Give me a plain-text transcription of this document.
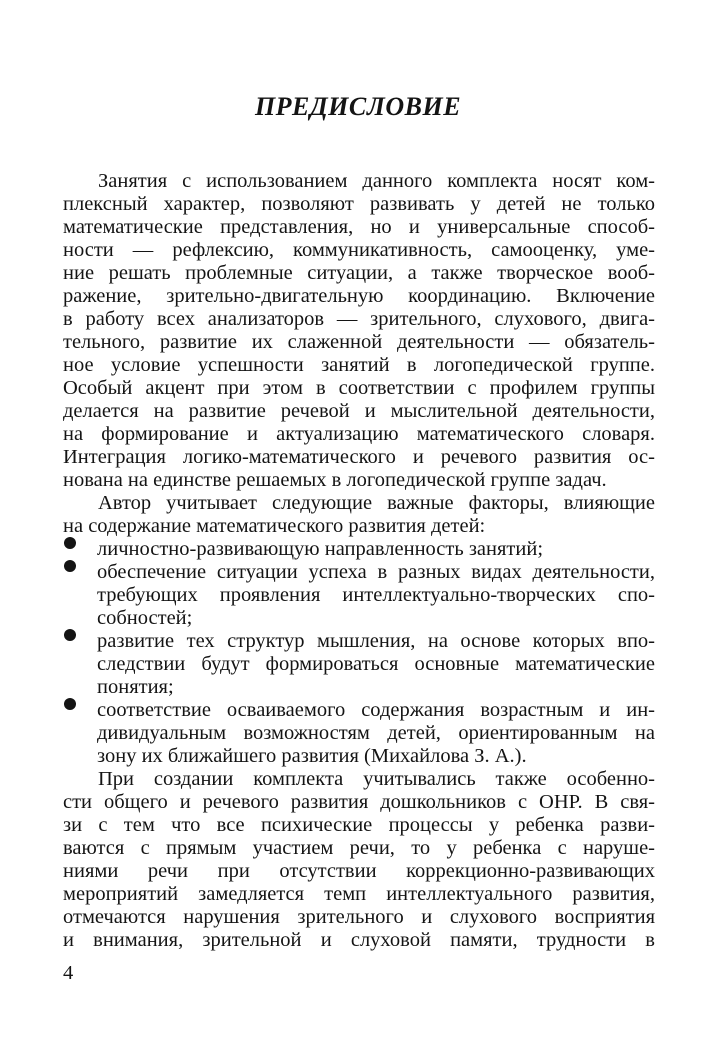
ПРЕДИСЛОВИЕ
Занятия с использованием данного комплекта носят ком-
плексный характер, позволяют развивать у детей не только
математические представления, но и универсальные способ-
ности — рефлексию, коммуникативность, самооценку, уме-
ние решать проблемные ситуации, а также творческое вооб-
ражение, зрительно-двигательную координацию. Включение
в работу всех анализаторов — зрительного, слухового, двига-
тельного, развитие их слаженной деятельности — обязатель-
ное условие успешности занятий в логопедической группе.
Особый акцент при этом в соответствии с профилем группы
делается на развитие речевой и мыслительной деятельности,
на формирование и актуализацию математического словаря.
Интеграция логико-математического и речевого развития ос-
нована на единстве решаемых в логопедической группе задач.
Автор учитывает следующие важные факторы, влияющие
на содержание математического развития детей:
личностно-развивающую направленность занятий;
обеспечение ситуации успеха в разных видах деятельности,
требующих проявления интеллектуально-творческих спо-
собностей;
развитие тех структур мышления, на основе которых впо-
следствии будут формироваться основные математические
понятия;
соответствие осваиваемого содержания возрастным и ин-
дивидуальным возможностям детей, ориентированным на
зону их ближайшего развития (Михайлова З. А.).
При создании комплекта учитывались также особенно-
сти общего и речевого развития дошкольников с ОНР. В свя-
зи с тем что все психические процессы у ребенка разви-
ваются с прямым участием речи, то у ребенка с наруше-
ниями речи при отсутствии коррекционно-развивающих
мероприятий замедляется темп интеллектуального развития,
отмечаются нарушения зрительного и слухового восприятия
и внимания, зрительной и слуховой памяти, трудности в
4
